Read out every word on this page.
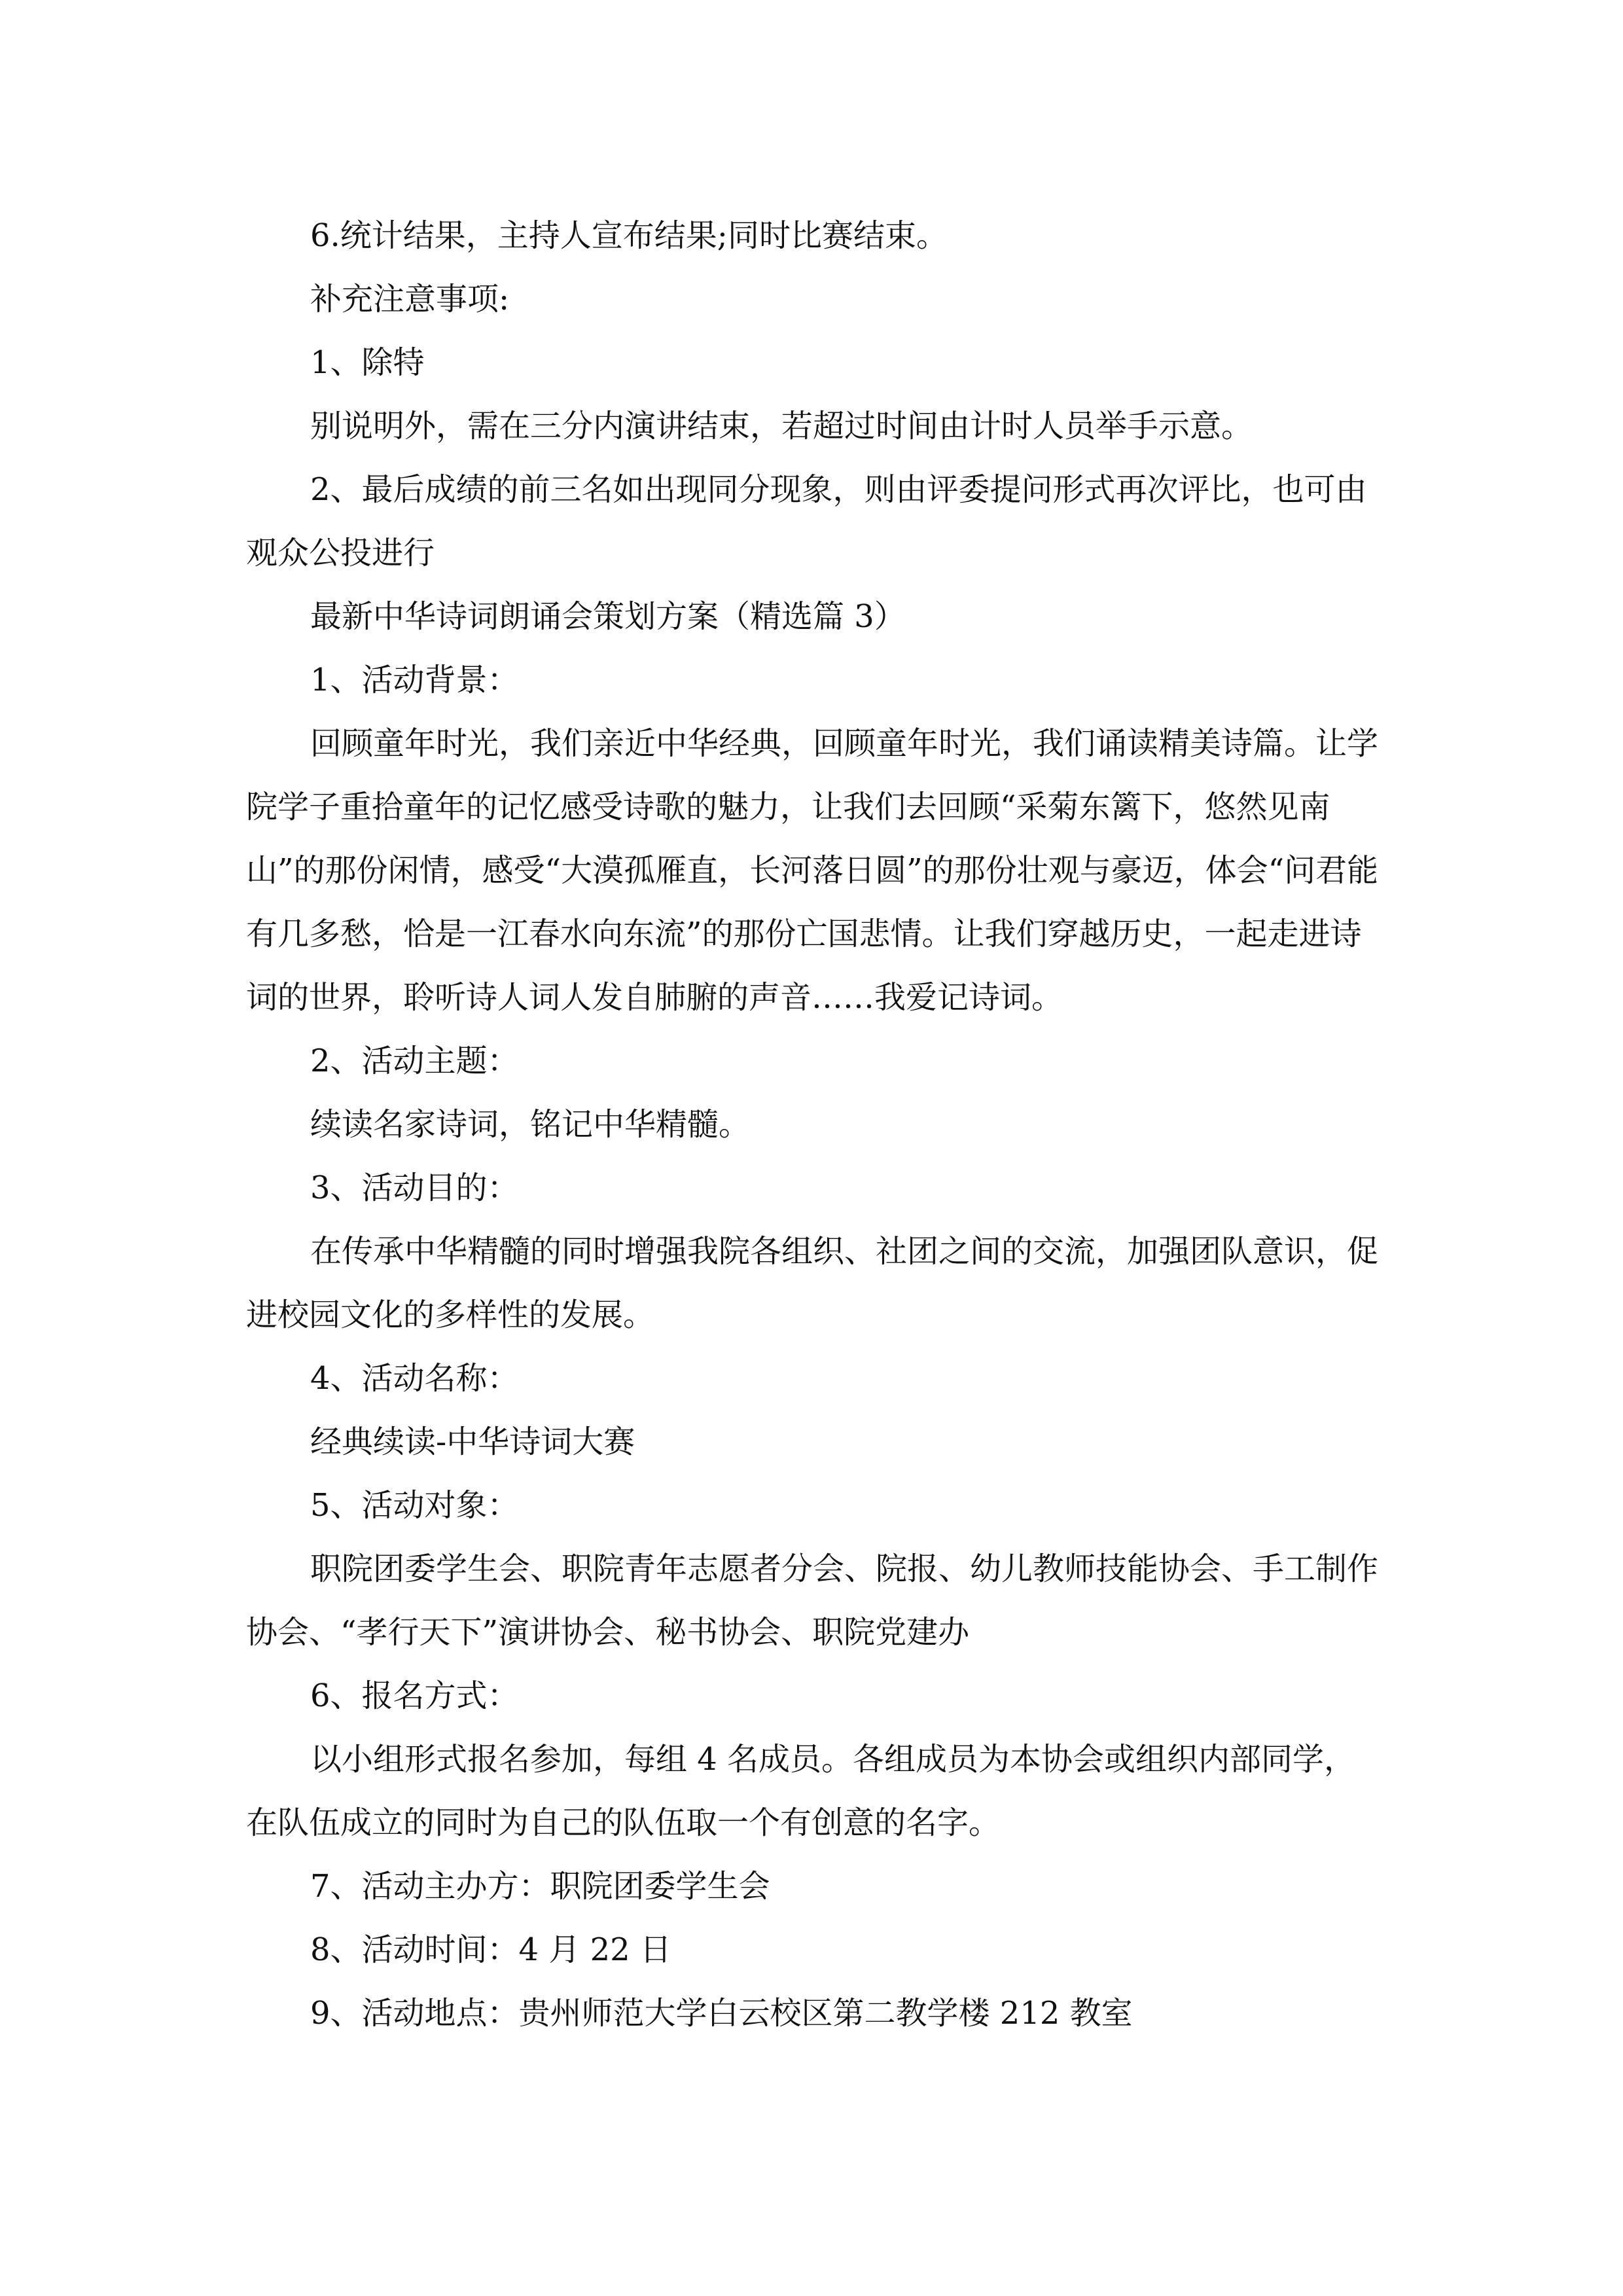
6.统计结果，主持人宣布结果;同时比赛结束。

补充注意事项:

1、除特

别说明外，需在三分内演讲结束，若超过时间由计时人员举手示意。

2、最后成绩的前三名如出现同分现象，则由评委提问形式再次评比，也可由观众公投进行

最新中华诗词朗诵会策划方案（精选篇 3）

1、活动背景：

回顾童年时光，我们亲近中华经典，回顾童年时光，我们诵读精美诗篇。让学院学子重拾童年的记忆感受诗歌的魅力，让我们去回顾“采菊东篱下，悠然见南山”的那份闲情，感受“大漠孤雁直，长河落日圆”的那份壮观与豪迈，体会“问君能有几多愁，恰是一江春水向东流”的那份亡国悲情。让我们穿越历史，一起走进诗词的世界，聆听诗人词人发自肺腑的声音……我爱记诗词。

2、活动主题：

续读名家诗词，铭记中华精髓。

3、活动目的：

在传承中华精髓的同时增强我院各组织、社团之间的交流，加强团队意识，促进校园文化的多样性的发展。

4、活动名称：

经典续读-中华诗词大赛

5、活动对象：

职院团委学生会、职院青年志愿者分会、院报、幼儿教师技能协会、手工制作协会、“孝行天下”演讲协会、秘书协会、职院党建办

6、报名方式：

以小组形式报名参加，每组 4 名成员。各组成员为本协会或组织内部同学，在队伍成立的同时为自己的队伍取一个有创意的名字。

7、活动主办方：职院团委学生会

8、活动时间：4 月 22 日

9、活动地点：贵州师范大学白云校区第二教学楼 212 教室
